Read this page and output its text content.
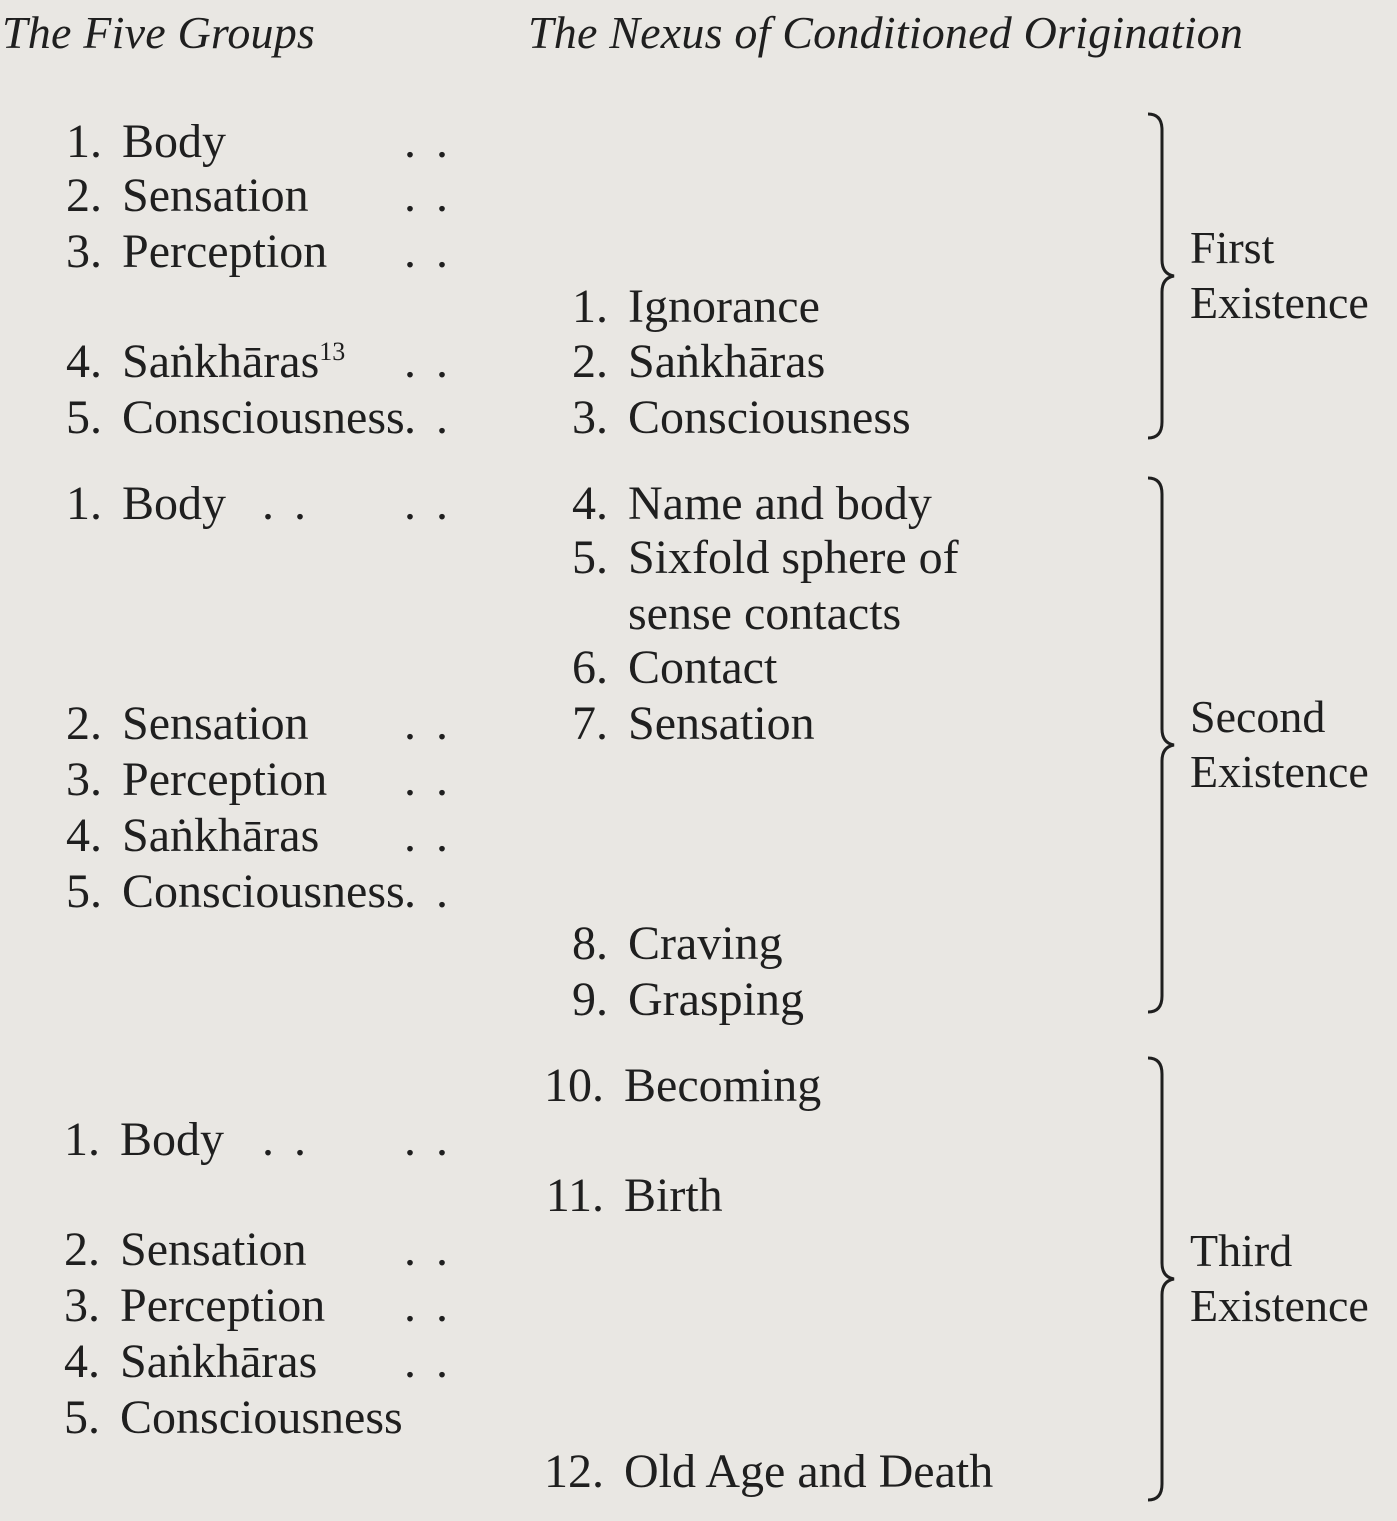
The Five Groups	The Nexus of Conditioned Origination
1. Body	. .
2. Sensation . .
3. Perception . .
4. Saṅkhāras$^{13}$ . .
5. Consciousness . .
1. Body . . . .
2. Sensation . .
3. Perception . .
4. Saṅkhāras . .
5. Consciousness . .
1. Body . . . .
2. Sensation . .
3. Perception . .
4. Saṅkhāras . .
5. Consciousness
1. Ignorance
2. Saṅkhāras
3. Consciousness
4. Name and body
5. Sixfold sphere of
sense contacts
6. Contact
7. Sensation
8. Craving
9. Grasping
10. Becoming
11. Birth
12. Old Age and Death
First
Existence
Second
Existence
Third
Existence
